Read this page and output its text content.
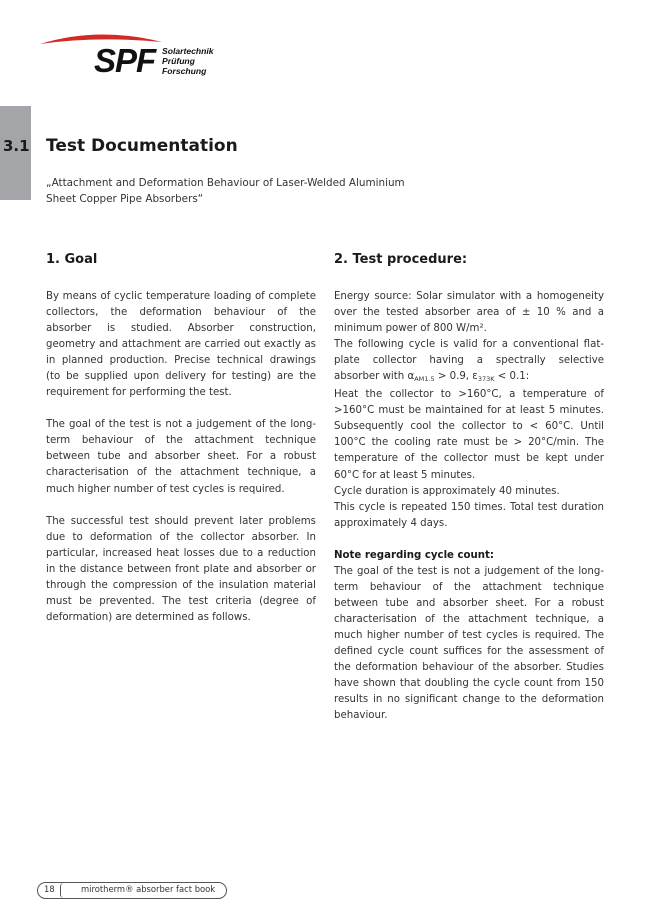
SPF Solartechnik
Prüfung
Forschung
3.1 Test Documentation
„Attachment and Deformation Behaviour of Laser-Welded Aluminium
Sheet Copper Pipe Absorbers“
1. Goal

By means of cyclic temperature loading of complete collectors, the deformation behaviour of the absorber is studied. Absorber construction, geometry and attachment are carried out exactly as in planned production. Precise technical drawings (to be supplied upon delivery for testing) are the requirement for performing the test.

The goal of the test is not a judgement of the long-term behaviour of the attachment technique between tube and absorber sheet. For a robust characterisation of the attachment technique, a much higher number of test cycles is required.

The successful test should prevent later problems due to deformation of the collector absorber. In particular, increased heat losses due to a reduction in the distance between front plate and absorber or through the compression of the insulation material must be prevented. The test criteria (degree of deformation) are determined as follows.

2. Test procedure:

Energy source: Solar simulator with a homogeneity over the tested absorber area of ± 10 % and a minimum power of 800 W/m².

The following cycle is valid for a conventional flat-plate collector having a spectrally selective absorber with $\alpha_{AM1.5} > 0.9$, $\varepsilon_{373K} < 0.1$:

Heat the collector to >160°C, a temperature of >160°C must be maintained for at least 5 minutes. Subsequently cool the collector to < 60°C. Until 100°C the cooling rate must be > 20°C/min. The temperature of the collector must be kept under 60°C for at least 5 minutes.

Cycle duration is approximately 40 minutes.

This cycle is repeated 150 times. Total test duration approximately 4 days.

Note regarding cycle count:

The goal of the test is not a judgement of the long-term behaviour of the attachment technique between tube and absorber sheet. For a robust characterisation of the attachment technique, a much higher number of test cycles is required. The defined cycle count suffices for the assessment of the deformation behaviour of the absorber. Studies have shown that doubling the cycle count from 150 results in no significant change to the deformation behaviour.

18	mirotherm® absorber fact book
